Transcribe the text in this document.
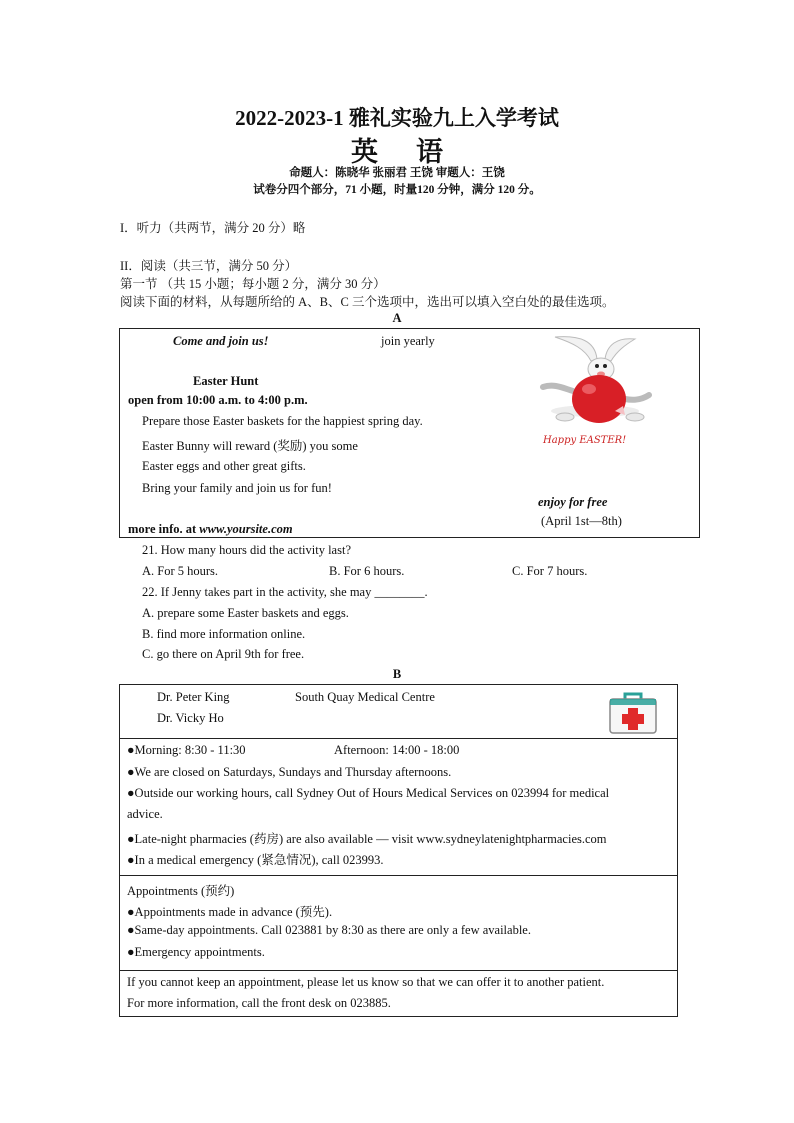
2022-2023-1 雅礼实验九上入学考试
英 语
命题人：陈晓华 张丽君 王饶 审题人：王饶
试卷分四个部分，71 小题，时量120 分钟，满分 120 分。
I．听力（共两节，满分 20 分）略
II．阅读（共三节，满分 50 分）
第一节 （共 15 小题；每小题 2 分，满分 30 分）
阅读下面的材料，从每题所给的 A、B、C 三个选项中，选出可以填入空白处的最佳选项。
A
Come and join us!	join yearly
Easter Hunt
open from 10:00 a.m. to 4:00 p.m.
Prepare those Easter baskets for the happiest spring day.
Easter Bunny will reward (奖励) you some
Easter eggs and other great gifts.
Bring your family and join us for fun!
enjoy for free
(April 1st—8th)
more info. at www.yoursite.com
Happy EASTER!
21. How many hours did the activity last?
A. For 5 hours.	B. For 6 hours.	C. For 7 hours.
22. If Jenny takes part in the activity, she may ________.
A. prepare some Easter baskets and eggs.
B. find more information online.
C. go there on April 9th for free.
B
Dr. Peter King	South Quay Medical Centre
Dr. Vicky Ho
●Morning: 8:30 - 11:30	Afternoon: 14:00 - 18:00
●We are closed on Saturdays, Sundays and Thursday afternoons.
●Outside our working hours, call Sydney Out of Hours Medical Services on 023994 for medical
advice.
●Late-night pharmacies (药房) are also available — visit www.sydneylatenightpharmacies.com
●In a medical emergency (紧急情况), call 023993.
Appointments (预约)
●Appointments made in advance (预先).
●Same-day appointments. Call 023881 by 8:30 as there are only a few available.
●Emergency appointments.
If you cannot keep an appointment, please let us know so that we can offer it to another patient.
For more information, call the front desk on 023885.
